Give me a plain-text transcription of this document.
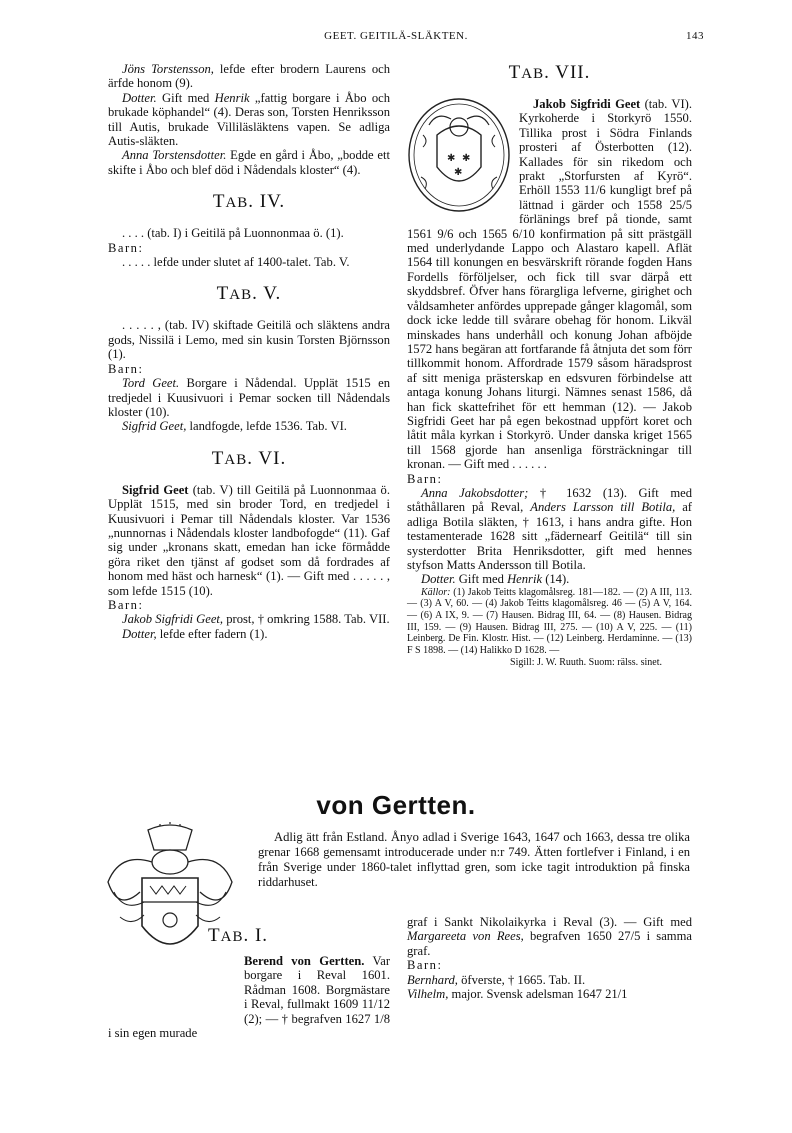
GEET. GEITILÄ-SLÄKTEN.	143

Jöns Torstensson, lefde efter brodern Laurens och ärfde honom (9).

Dotter. Gift med Henrik „fattig borgare i Åbo och brukade köphandel“ (4). Deras son, Torsten Henriksson till Autis, brukade Villiläsläktens vapen. Se adliga Autis-släkten.

Anna Torstensdotter. Egde en gård i Åbo, „bodde ett skifte i Åbo och blef död i Nådendals kloster“ (4).

TAB. IV.

. . . . (tab. I) i Geitilä på Luonnonmaa ö. (1).

Barn:

. . . . . lefde under slutet af 1400-talet. Tab. V.

TAB. V.

. . . . . , (tab. IV) skiftade Geitilä och släktens andra gods, Nissilä i Lemo, med sin kusin Torsten Björnsson (1).

Barn:

Tord Geet. Borgare i Nådendal. Upplät 1515 en tredjedel i Kuusivuori i Pemar socken till Nådendals kloster (10).

Sigfrid Geet, landfogde, lefde 1536. Tab. VI.

TAB. VI.

Sigfrid Geet (tab. V) till Geitilä på Luonnonmaa ö. Upplät 1515, med sin broder Tord, en tredjedel i Kuusivuori i Pemar till Nådendals kloster. Var 1536 „nunnornas i Nådendals kloster landbofogde“ (11). Gaf sig under „kronans skatt, emedan han icke förmådde göra riket den tjänst af godset som då fordrades af honom med häst och harnesk“ (1). — Gift med . . . . . , som lefde 1515 (10).

Barn:

Jakob Sigfridi Geet, prost, † omkring 1588. Tab. VII.

Dotter, lefde efter fadern (1).

TAB. VII.
✱ ✱
✱

Jakob Sigfridi Geet (tab. VI). Kyrkoherde i Storkyrö 1550. Tillika prost i Södra Finlands prosteri af Österbotten (12). Kallades för sin rikedom och prakt „Storfursten af Kyrö“. Erhöll 1553 11/6 kungligt bref på lättnad i gärder och 1558 25/5 förlänings bref på tionde, samt 1561 9/6 och 1565 6/10 konfirmation på sitt prästgäll med underlydande Lappo och Alastaro kapell. Aflät 1564 till konungen en besvärskrift rörande fogden Hans Fordells förföljelser, och fick till svar därpå ett skyddsbref. Öfver hans förargliga lefverne, girighet och våldsamheter anfördes upprepade gånger klagomål, som dock icke ledde till svårare obehag för honom. Likväl minskades hans underhåll och konung Johan afböjde 1572 hans begäran att fortfarande få åtnjuta det som förr tillkommit honom. Affordrade 1579 såsom häradsprost af sitt meniga prästerskap en edsvuren förbindelse att antaga konung Johans liturgi. Nämnes senast 1586, då han fick skattefrihet för ett hemman (12). — Jakob Sigfridi Geet har på egen bekostnad uppfört koret och låtit måla kyrkan i Storkyrö. Under danska kriget 1565 till 1568 gjorde han ansenliga försträckningar till kronan. — Gift med . . . . . .

Barn:

Anna Jakobsdotter; † 1632 (13). Gift med ståthållaren på Reval, Anders Larsson till Botila, af adliga Botila släkten, † 1613, i hans andra gifte. Hon testamenterade 1628 sitt „fädernearf Geitilä“ till sin systerdotter Brita Henriksdotter, gift med hennes styfson Matts Andersson till Botila.

Dotter. Gift med Henrik (14).

Källor: (1) Jakob Teitts klagomålsreg. 181—182. — (2) A III, 113. — (3) A V, 60. — (4) Jakob Teitts klagomålsreg. 46 — (5) A V, 164. — (6) A IX, 9. — (7) Hausen. Bidrag III, 64. — (8) Hausen. Bidrag III, 159. — (9) Hausen. Bidrag III, 275. — (10) A V, 225. — (11) Leinberg. De Fin. Klostr. Hist. — (12) Leinberg. Herdaminne. — (13) F S 1898. — (14) Halikko D 1628. —

Sigill: J. W. Ruuth. Suom: rälss. sinet.

von Gertten.

Adlig ätt från Estland. Ånyo adlad i Sverige 1643, 1647 och 1663, dessa tre olika grenar 1668 gemensamt introducerade under n:r 749. Ätten fortlefver i Finland, i en från Sverige under 1860-talet inflyttad gren, som icke tagit introduktion på finska riddarhuset.

TAB. I.

Berend von Gertten. Var borgare i Reval 1601. Rådman 1608. Borgmästare i Reval, fullmakt 1609 11/12 (2); — † begrafven 1627 1/8 i sin egen murade

graf i Sankt Nikolaikyrka i Reval (3). — Gift med Margareeta von Rees, begrafven 1650 27/5 i samma graf.

Barn:

Bernhard, öfverste, † 1665. Tab. II.

Vilhelm, major. Svensk adelsman 1647 21/1
